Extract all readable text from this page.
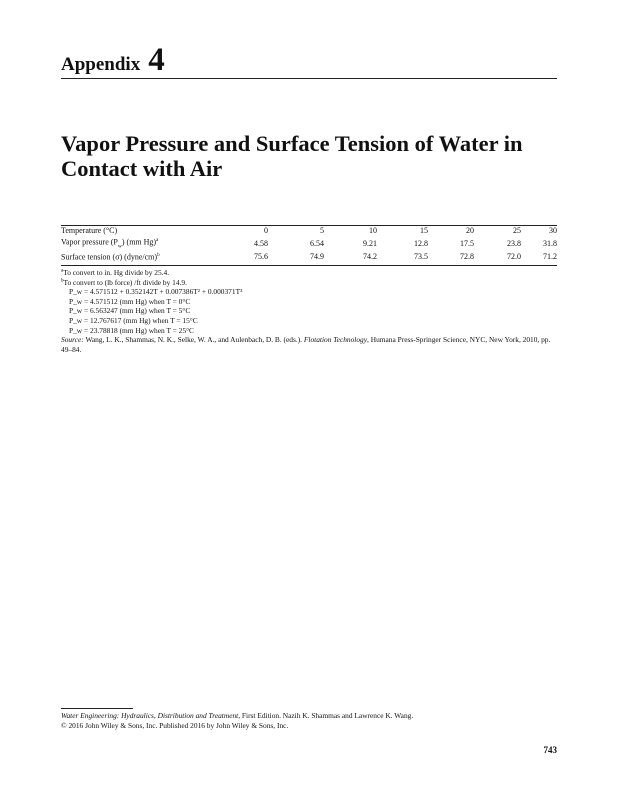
Appendix 4
Vapor Pressure and Surface Tension of Water in Contact with Air
Temperature (°C)	0	5	10	15	20	25	30
Vapor pressure $(P_w)$ (mm Hg)$^a$	4.58	6.54	9.21	12.8	17.5	23.8	31.8
Surface tension (σ) (dyne/cm)$^b$	75.6	74.9	74.2	73.5	72.8	72.0	71.2
$^a$To convert to in. Hg divide by 25.4.
$^b$To convert to (lb force) /ft divide by 14.9.
P_w = 4.571512 + 0.352142T + 0.007386T² + 0.000371T³
P_w = 4.571512 (mm Hg) when T = 0°C
P_w = 6.563247 (mm Hg) when T = 5°C
P_w = 12.767617 (mm Hg) when T = 15°C
P_w = 23.78818 (mm Hg) when T = 25°C
Source: Wang, L. K., Shammas, N. K., Selke, W. A., and Aulenbach, D. B. (eds.). Flotation Technology, Humana Press-Springer Science, NYC, New York, 2010, pp. 49–84.
Water Engineering: Hydraulics, Distribution and Treatment, First Edition. Nazih K. Shammas and Lawrence K. Wang.
© 2016 John Wiley & Sons, Inc. Published 2016 by John Wiley & Sons, Inc.
743
